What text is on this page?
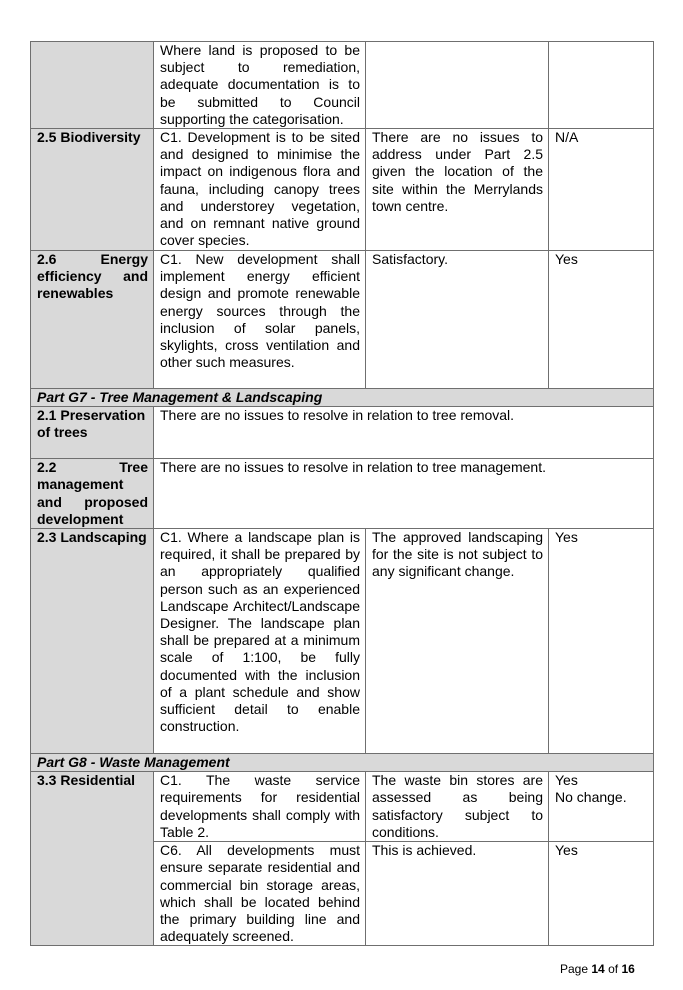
	Where land is proposed to be subject to remediation, adequate documentation is to be submitted to Council supporting the categorisation.		
2.5 Biodiversity	C1. Development is to be sited and designed to minimise the impact on indigenous flora and fauna, including canopy trees and understorey vegetation, and on remnant native ground cover species.	There are no issues to address under Part 2.5 given the location of the site within the Merrylands town centre.	N/A
2.6 Energy efficiency and renewables	C1. New development shall implement energy efficient design and promote renewable energy sources through the inclusion of solar panels, skylights, cross ventilation and other such measures.	Satisfactory.	Yes
Part G7 - Tree Management & Landscaping			
2.1 Preservation of trees	There are no issues to resolve in relation to tree removal.		
2.2 Tree management and proposed development	There are no issues to resolve in relation to tree management.		
2.3 Landscaping	C1. Where a landscape plan is required, it shall be prepared by an appropriately qualified person such as an experienced Landscape Architect/Landscape Designer. The landscape plan shall be prepared at a minimum scale of 1:100, be fully documented with the inclusion of a plant schedule and show sufficient detail to enable construction.	The approved landscaping for the site is not subject to any significant change.	Yes
Part G8 - Waste Management			
3.3 Residential	C1. The waste service requirements for residential developments shall comply with Table 2.	The waste bin stores are assessed as being satisfactory subject to conditions.	Yes
No change.

	C6. All developments must ensure separate residential and commercial bin storage areas, which shall be located behind the primary building line and adequately screened.	This is achieved.	Yes
Page 14 of 16
